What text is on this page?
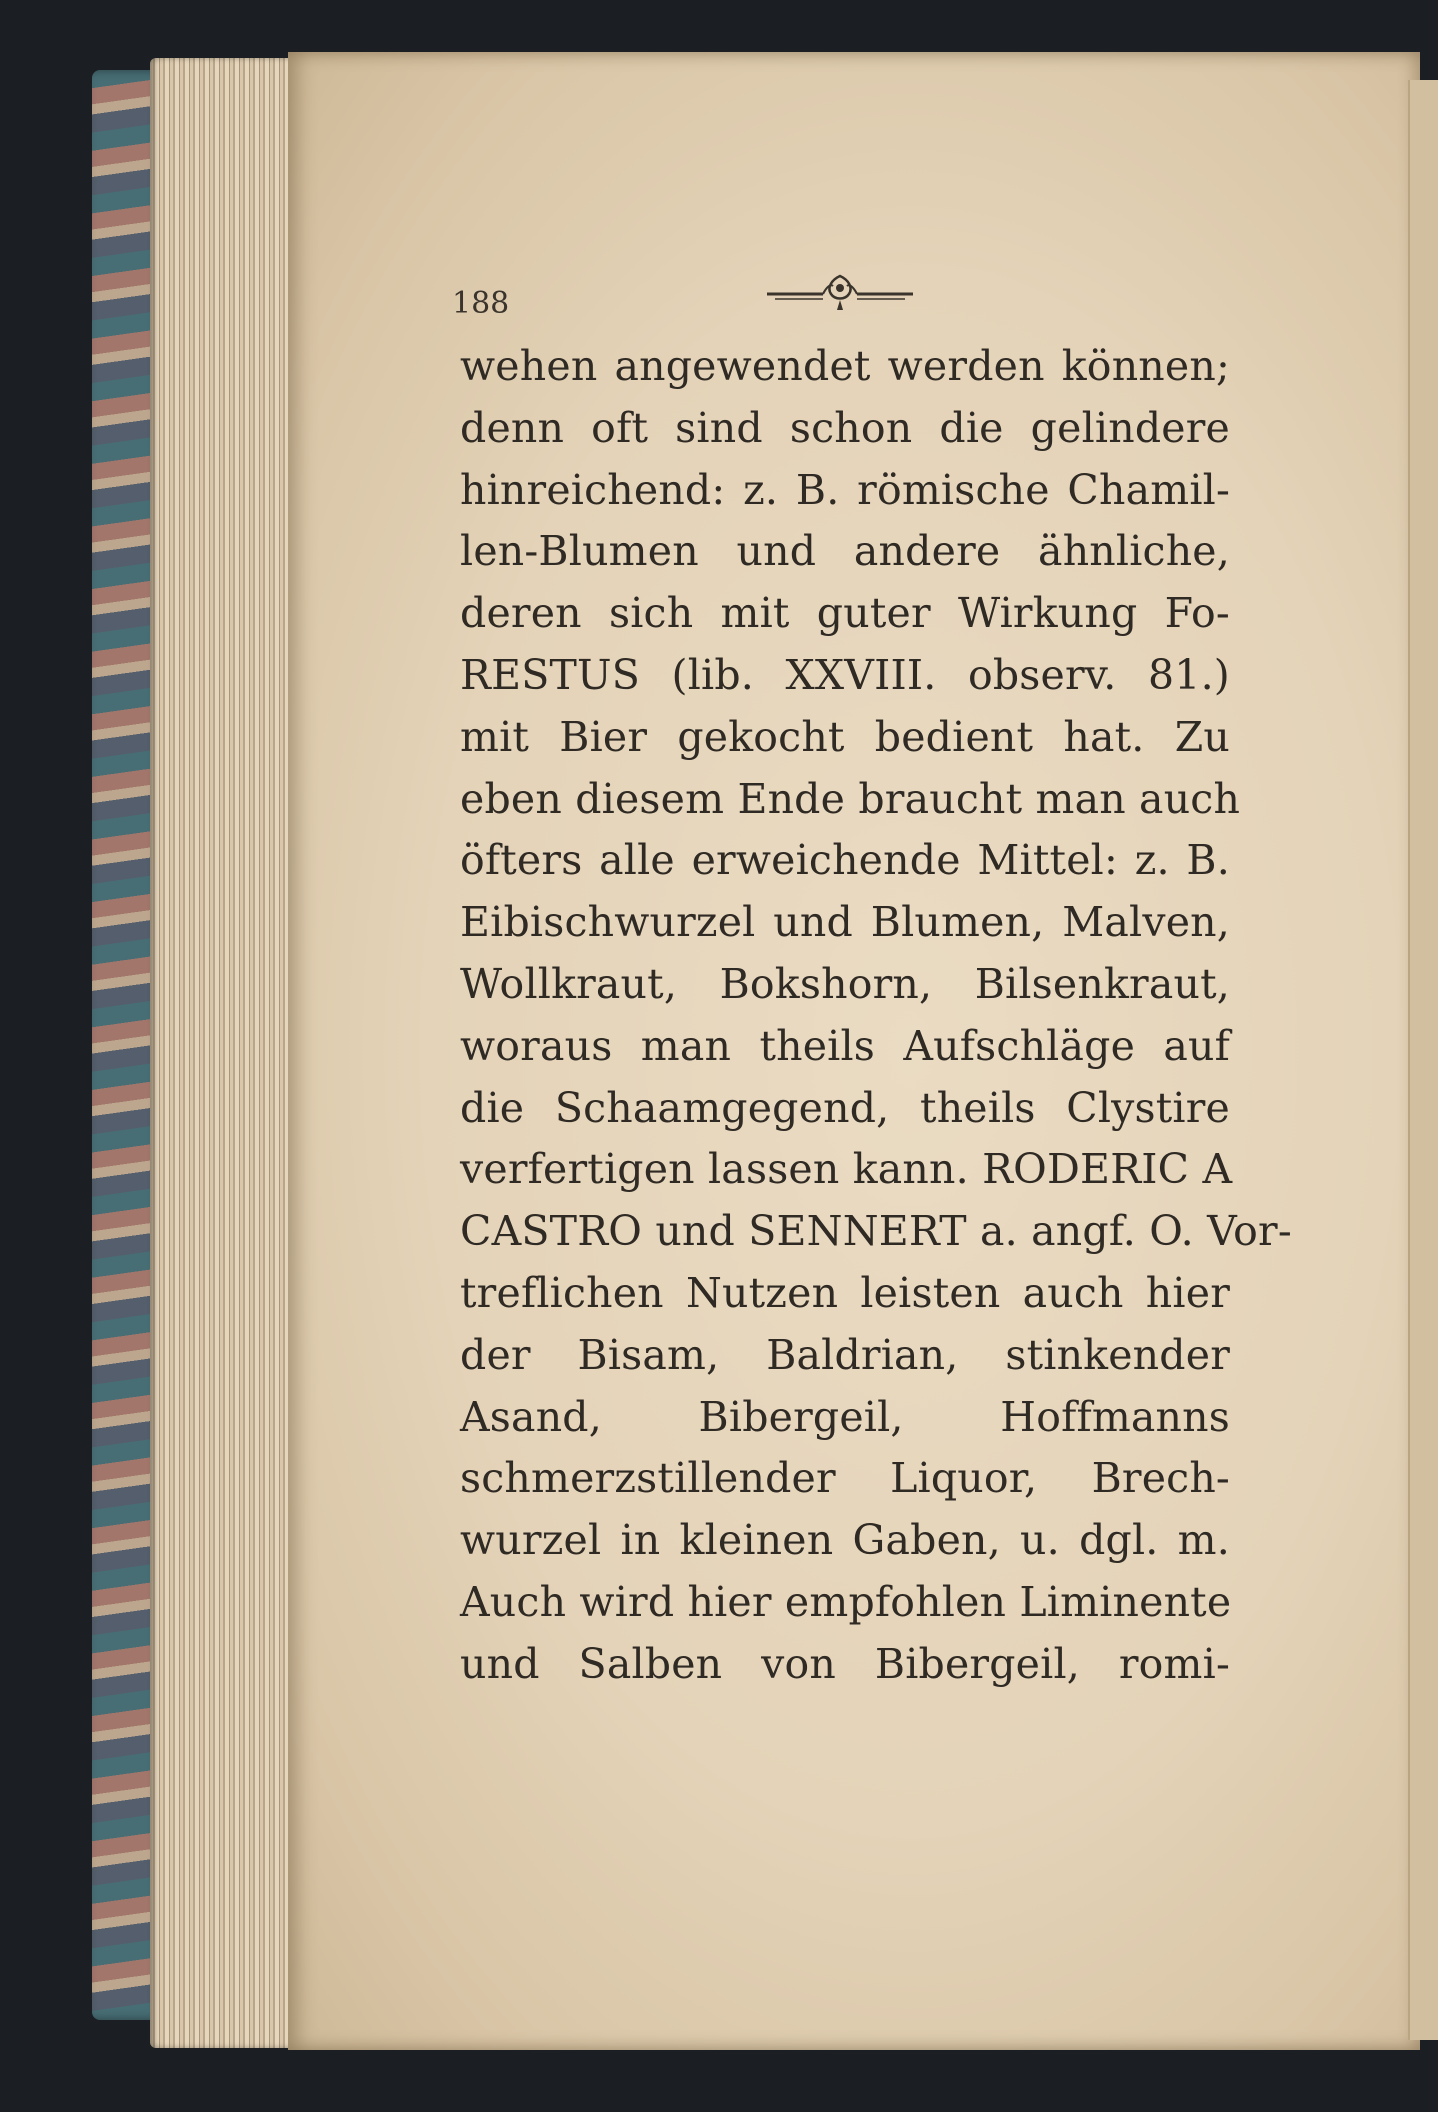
188
wehen angewendet werden können;
denn oft sind schon die gelindere
hinreichend: z. B. römische Chamil-
len-Blumen und andere ähnliche,
deren sich mit guter Wirkung Fo-
RESTUS (lib. XXVIII. observ. 81.)
mit Bier gekocht bedient hat. Zu
eben diesem Ende braucht man auch
öfters alle erweichende Mittel: z. B.
Eibischwurzel und Blumen, Malven,
Wollkraut, Bokshorn, Bilsenkraut,
woraus man theils Aufschläge auf
die Schaamgegend, theils Clystire
verfertigen lassen kann. RODERIC A
CASTRO und SENNERT a. angf. O. Vor-
treflichen Nutzen leisten auch hier
der Bisam, Baldrian, stinkender
Asand, Bibergeil, Hoffmanns
schmerzstillender Liquor, Brech-
wurzel in kleinen Gaben, u. dgl. m.
Auch wird hier empfohlen Liminente
und Salben von Bibergeil, romi-
